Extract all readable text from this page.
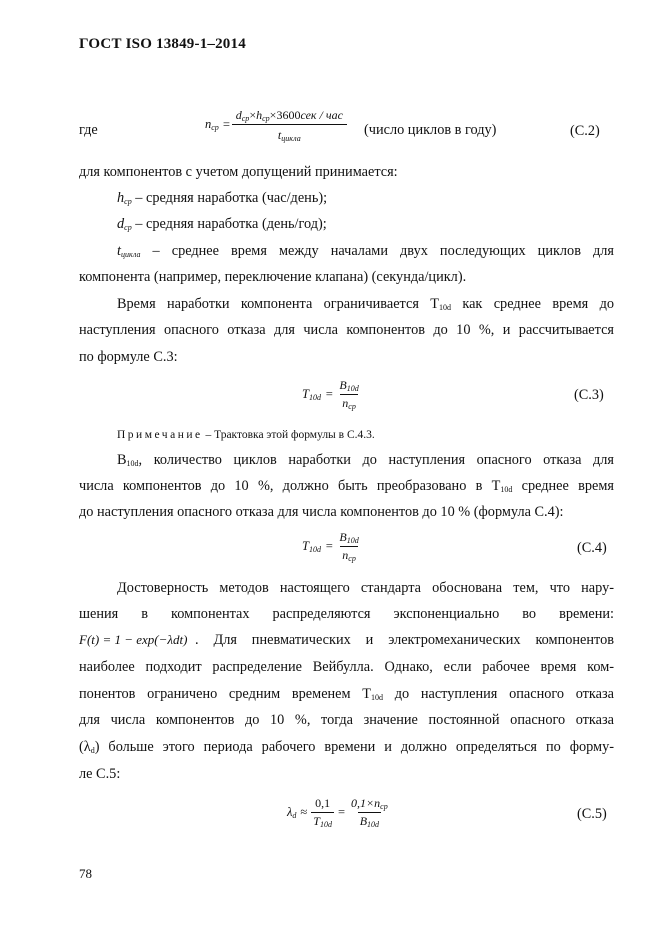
ГОСТ ISO 13849-1–2014
где	$n_{ср} = \frac{d_{ср}\times h_{ср}\times 3600сек / час}{t_{цикла}}$ (число циклов в году)	(С.2)
для компонентов с учетом допущений принимается:
$h_{ср}$ – средняя наработка (час/день);
$d_{ср}$ – средняя наработка (день/год);
$t_{цикла}$ – среднее время между началами двух последующих циклов для
компонента (например, переключение клапана) (секунда/цикл).
Время наработки компонента ограничивается $T_{10d}$ как среднее время до
наступления опасного отказа для числа компонентов до 10 %, и рассчитывается
по формуле С.3:
$T_{10d} = \frac{B_{10d}}{n_{ср}}$	(С.3)
Примечание – Трактовка этой формулы в С.4.3.
$B_{10d}$, количество циклов наработки до наступления опасного отказа для
числа компонентов до 10 %, должно быть преобразовано в $T_{10d}$ среднее время
до наступления опасного отказа для числа компонентов до 10 % (формула С.4):
$T_{10d} = \frac{B_{10d}}{n_{ср}}$	(С.4)
Достоверность методов настоящего стандарта обоснована тем, что нару-
шения в компонентах распределяются экспоненциально во времени:
F(t) = 1 − exp(−λdt) . Для пневматических и электромеханических компонентов
наиболее подходит распределение Вейбулла. Однако, если рабочее время ком-
понентов ограничено средним временем $T_{10d}$ до наступления опасного отказа
для числа компонентов до 10 %, тогда значение постоянной опасного отказа
$(\lambda_d)$ больше этого периода рабочего времени и должно определяться по форму-
ле С.5:
$\lambda_d \approx \frac{0,1}{T_{10d}} = \frac{0,1\times n_{ср}}{B_{10d}}$	(С.5)
78
